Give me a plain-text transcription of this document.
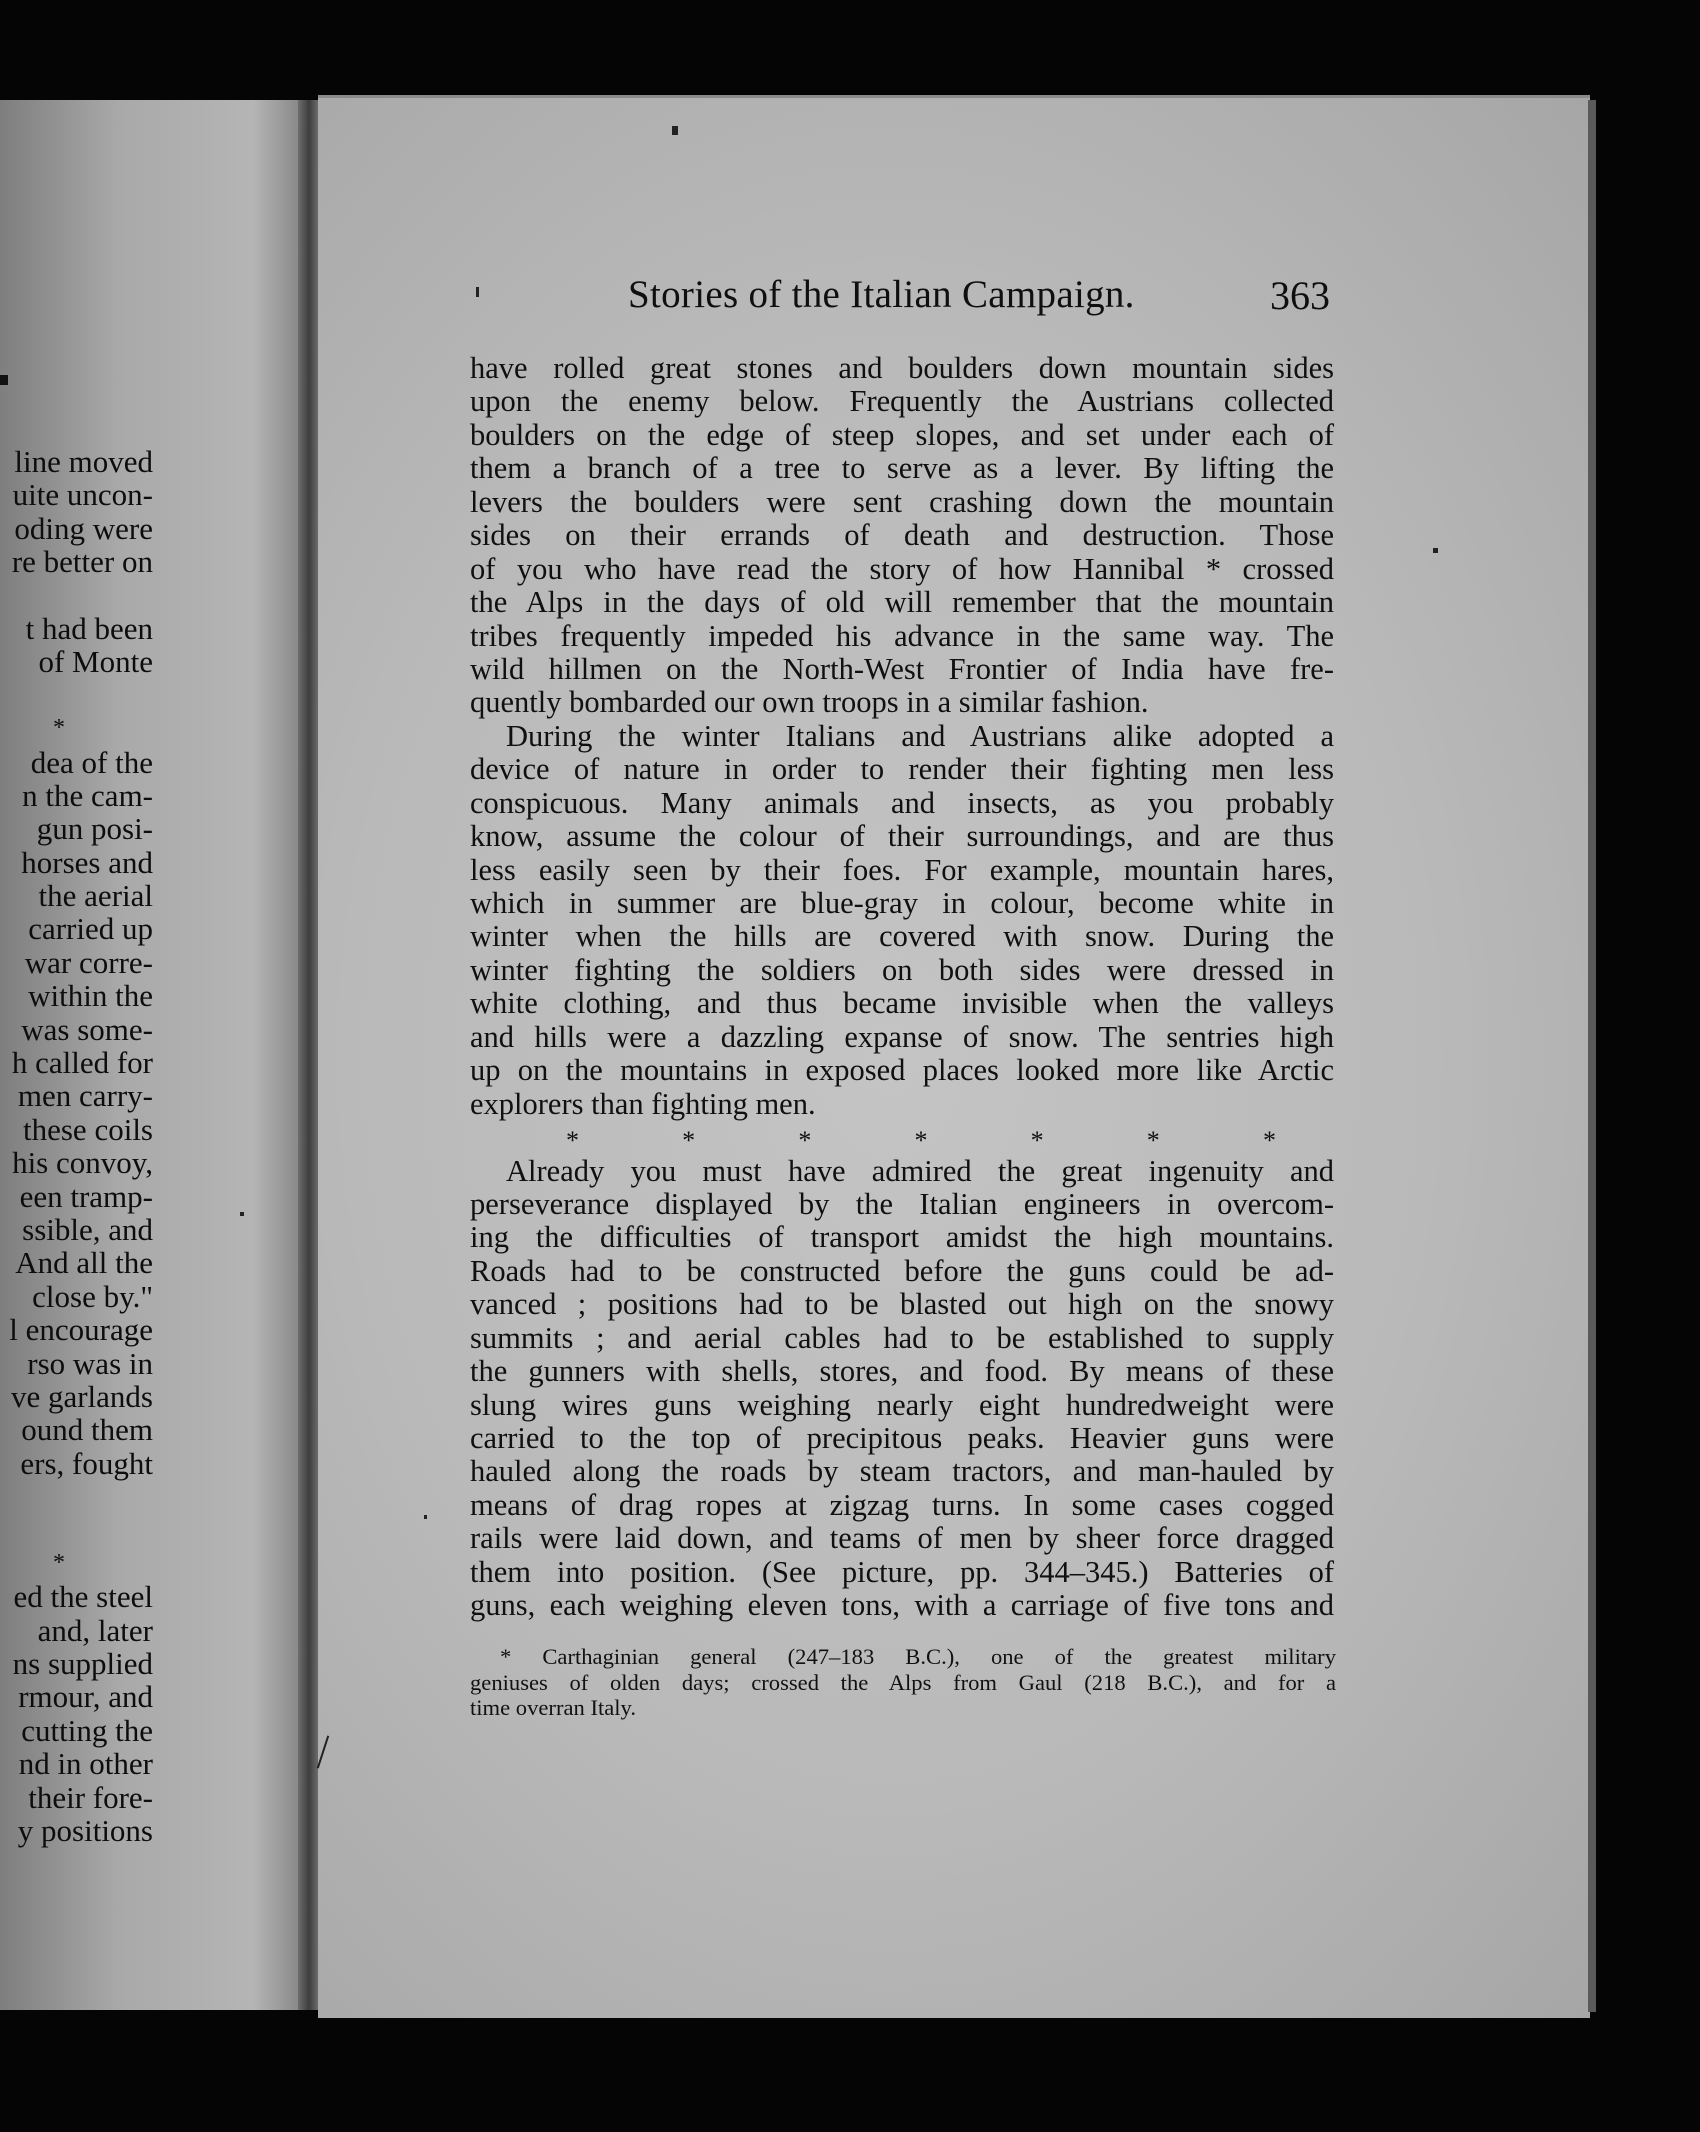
line moved
uite uncon-
oding were
re better on
t had been
of Monte
*
dea of the
n the cam-
gun posi-
horses and
the aerial
carried up
war corre-
within the
was some-
h called for
men carry-
these coils
his convoy,
een tramp-
ssible, and
And all the
close by."
l encourage
rso was in
ve garlands
ound them
ers, fought
*
ed the steel
and, later
ns supplied
rmour, and
cutting the
nd in other
their fore-
y positions
Stories of the Italian Campaign.	363
have rolled great stones and boulders down mountain sides
upon the enemy below. Frequently the Austrians collected
boulders on the edge of steep slopes, and set under each of
them a branch of a tree to serve as a lever. By lifting the
levers the boulders were sent crashing down the mountain
sides on their errands of death and destruction. Those
of you who have read the story of how Hannibal * crossed
the Alps in the days of old will remember that the mountain
tribes frequently impeded his advance in the same way. The
wild hillmen on the North-West Frontier of India have fre-
quently bombarded our own troops in a similar fashion.
During the winter Italians and Austrians alike adopted a
device of nature in order to render their fighting men less
conspicuous. Many animals and insects, as you probably
know, assume the colour of their surroundings, and are thus
less easily seen by their foes. For example, mountain hares,
which in summer are blue-gray in colour, become white in
winter when the hills are covered with snow. During the
winter fighting the soldiers on both sides were dressed in
white clothing, and thus became invisible when the valleys
and hills were a dazzling expanse of snow. The sentries high
up on the mountains in exposed places looked more like Arctic
explorers than fighting men.
*	*	*	*	*	*	*
Already you must have admired the great ingenuity and
perseverance displayed by the Italian engineers in overcom-
ing the difficulties of transport amidst the high mountains.
Roads had to be constructed before the guns could be ad-
vanced ; positions had to be blasted out high on the snowy
summits ; and aerial cables had to be established to supply
the gunners with shells, stores, and food. By means of these
slung wires guns weighing nearly eight hundredweight were
carried to the top of precipitous peaks. Heavier guns were
hauled along the roads by steam tractors, and man-hauled by
means of drag ropes at zigzag turns. In some cases cogged
rails were laid down, and teams of men by sheer force dragged
them into position. (See picture, pp. 344–345.) Batteries of
guns, each weighing eleven tons, with a carriage of five tons and
* Carthaginian general (247–183 B.C.), one of the greatest military
geniuses of olden days; crossed the Alps from Gaul (218 B.C.), and for a
time overran Italy.
